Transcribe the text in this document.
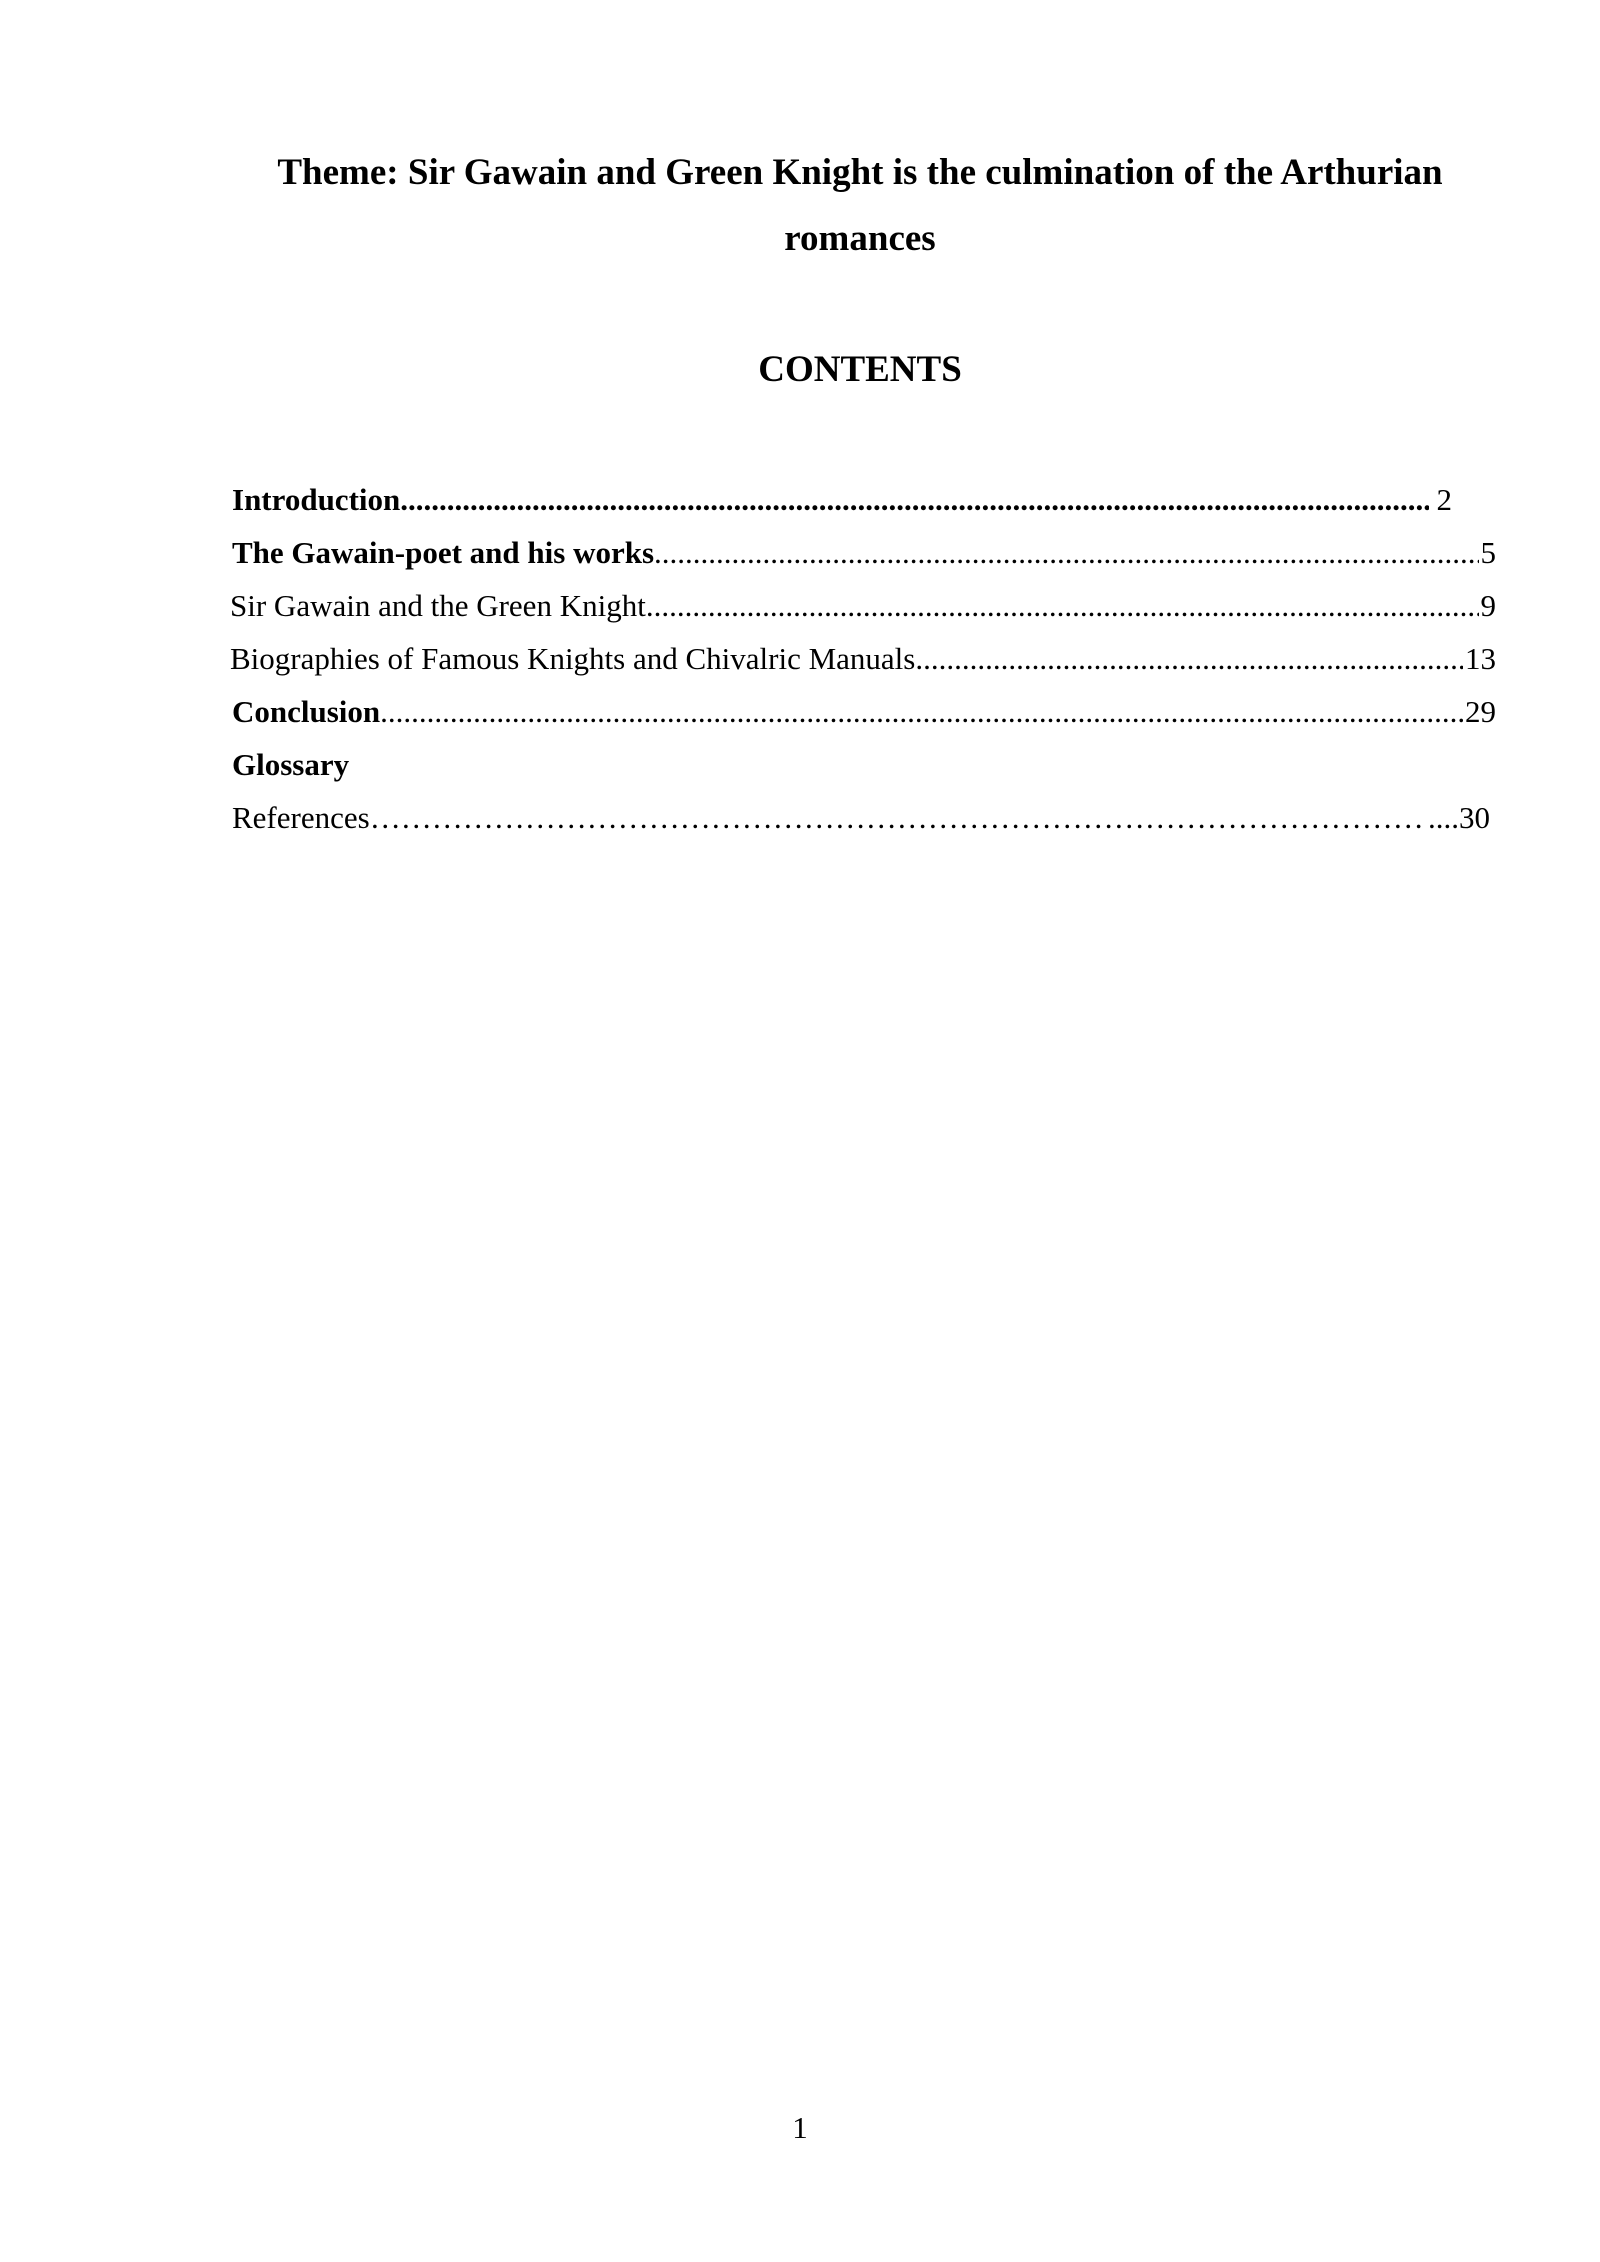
Theme: Sir Gawain and Green Knight is the culmination of the Arthurian romances
CONTENTS
Introduction .....	2
The Gawain-poet and his works .....	5
Sir Gawain and the Green Knight .....	9
Biographies of Famous Knights and Chivalric Manuals .....	13
Conclusion .....	29
Glossary
References ………………………………………………………………………………………………………………………………………………………………………	....30
1
